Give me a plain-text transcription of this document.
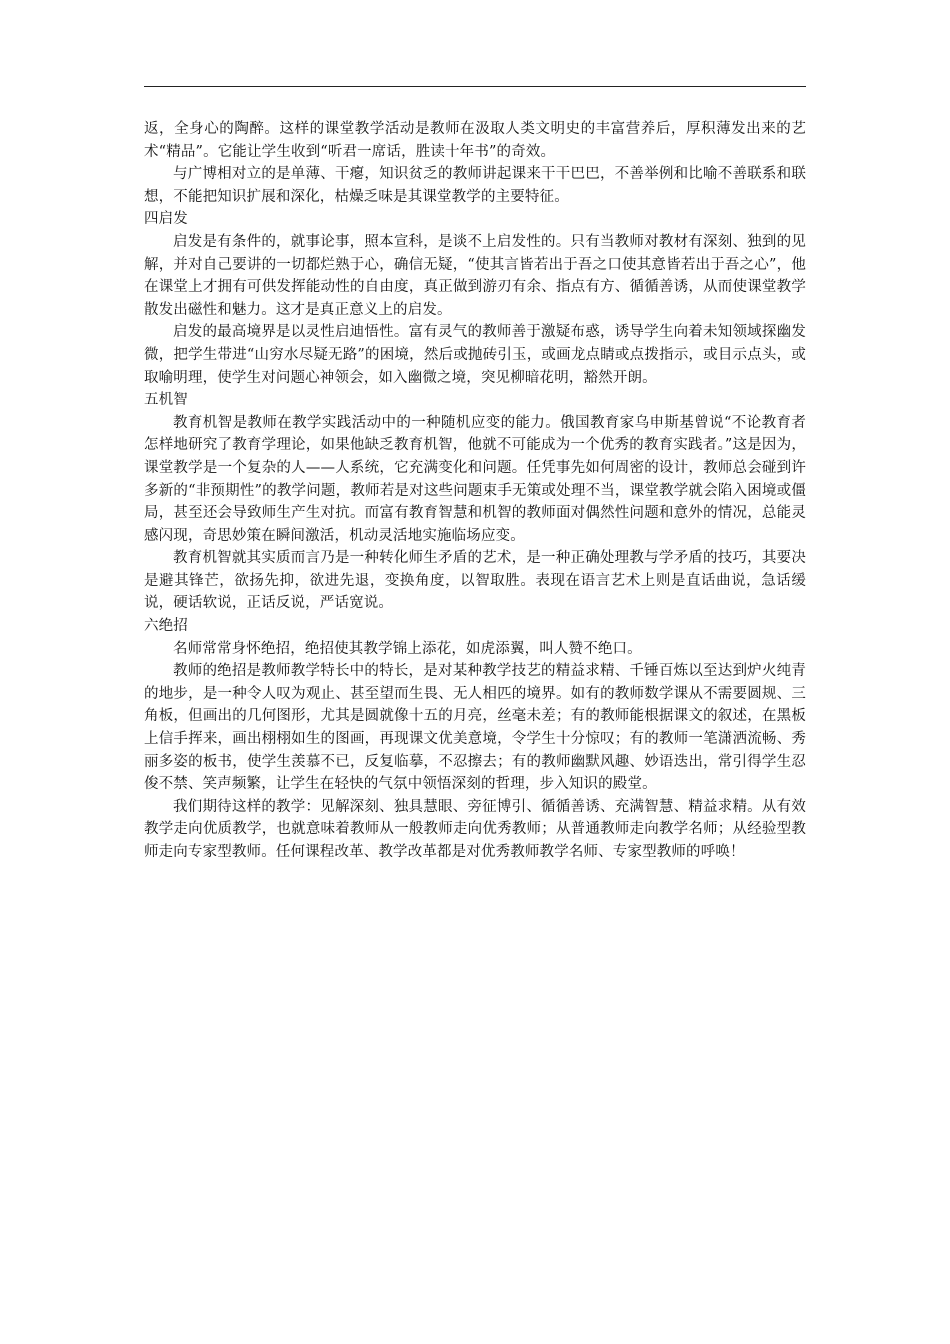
返，全身心的陶醉。这样的课堂教学活动是教师在汲取人类文明史的丰富营养后，厚积薄发出来的艺术“精品”。它能让学生收到“听君一席话，胜读十年书”的奇效。

与广博相对立的是单薄、干瘪，知识贫乏的教师讲起课来干干巴巴，不善举例和比喻不善联系和联想，不能把知识扩展和深化，枯燥乏味是其课堂教学的主要特征。

四启发

启发是有条件的，就事论事，照本宣科，是谈不上启发性的。只有当教师对教材有深刻、独到的见解，并对自己要讲的一切都烂熟于心，确信无疑，“使其言皆若出于吾之口使其意皆若出于吾之心”，他在课堂上才拥有可供发挥能动性的自由度，真正做到游刃有余、指点有方、循循善诱，从而使课堂教学散发出磁性和魅力。这才是真正意义上的启发。

启发的最高境界是以灵性启迪悟性。富有灵气的教师善于激疑布惑，诱导学生向着未知领域探幽发微，把学生带进“山穷水尽疑无路”的困境，然后或抛砖引玉，或画龙点睛或点拨指示，或目示点头，或取喻明理，使学生对问题心神领会，如入幽微之境，突见柳暗花明，豁然开朗。

五机智

教育机智是教师在教学实践活动中的一种随机应变的能力。俄国教育家乌申斯基曾说“不论教育者怎样地研究了教育学理论，如果他缺乏教育机智，他就不可能成为一个优秀的教育实践者。”这是因为，课堂教学是一个复杂的人——人系统，它充满变化和问题。任凭事先如何周密的设计，教师总会碰到许多新的“非预期性”的教学问题，教师若是对这些问题束手无策或处理不当，课堂教学就会陷入困境或僵局，甚至还会导致师生产生对抗。而富有教育智慧和机智的教师面对偶然性问题和意外的情况，总能灵感闪现，奇思妙策在瞬间激活，机动灵活地实施临场应变。

教育机智就其实质而言乃是一种转化师生矛盾的艺术，是一种正确处理教与学矛盾的技巧，其要决是避其锋芒，欲扬先抑，欲进先退，变换角度，以智取胜。表现在语言艺术上则是直话曲说，急话缓说，硬话软说，正话反说，严话宽说。

六绝招

名师常常身怀绝招，绝招使其教学锦上添花，如虎添翼，叫人赞不绝口。

教师的绝招是教师教学特长中的特长，是对某种教学技艺的精益求精、千锤百炼以至达到炉火纯青的地步，是一种令人叹为观止、甚至望而生畏、无人相匹的境界。如有的教师数学课从不需要圆规、三角板，但画出的几何图形，尤其是圆就像十五的月亮，丝毫未差；有的教师能根据课文的叙述，在黑板上信手挥来，画出栩栩如生的图画，再现课文优美意境，令学生十分惊叹；有的教师一笔潇洒流畅、秀丽多姿的板书，使学生羡慕不已，反复临摹，不忍擦去；有的教师幽默风趣、妙语迭出，常引得学生忍俊不禁、笑声频繁，让学生在轻快的气氛中领悟深刻的哲理，步入知识的殿堂。

我们期待这样的教学：见解深刻、独具慧眼、旁征博引、循循善诱、充满智慧、精益求精。从有效教学走向优质教学，也就意味着教师从一般教师走向优秀教师；从普通教师走向教学名师；从经验型教师走向专家型教师。任何课程改革、教学改革都是对优秀教师教学名师、专家型教师的呼唤！
